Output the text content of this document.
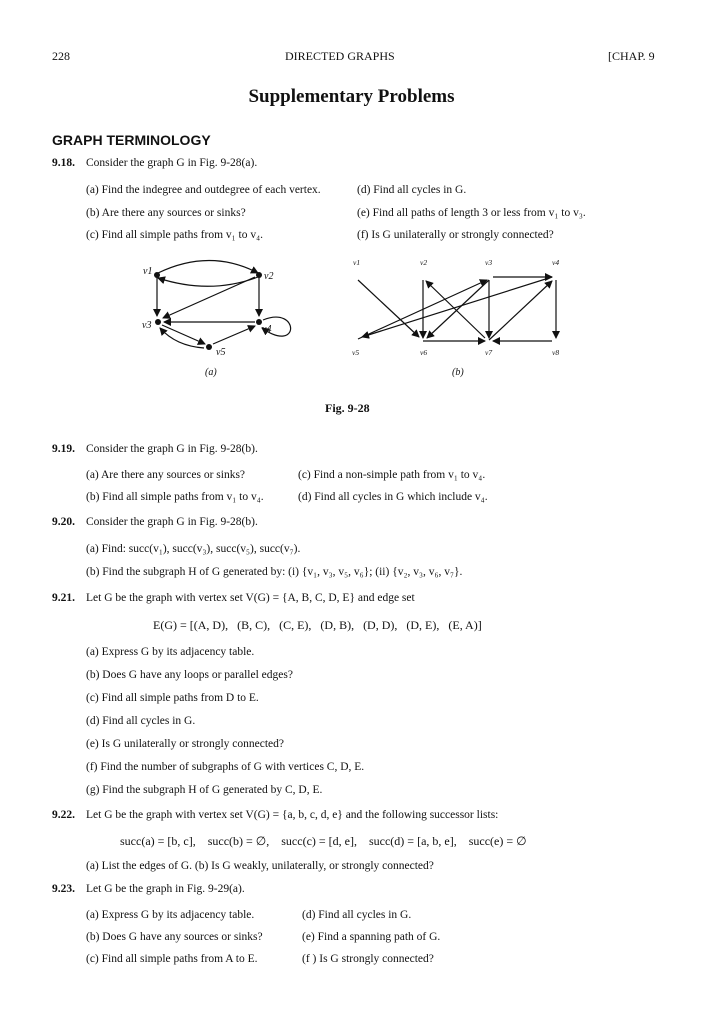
228	DIRECTED GRAPHS	[CHAP. 9
Supplementary Problems
GRAPH TERMINOLOGY
9.18. Consider the graph G in Fig. 9-28(a).
(a) Find the indegree and outdegree of each vertex.
(b) Are there any sources or sinks?
(c) Find all simple paths from v₁ to v₄.
(d) Find all cycles in G.
(e) Find all paths of length 3 or less from v₁ to v₃.
(f) Is G unilaterally or strongly connected?
v1	v2
v3	v4
v5
(a)
v1	v2	v3	v4
v5	v6	v7	v8
(b)
Fig. 9-28
9.19. Consider the graph G in Fig. 9-28(b).
(a) Are there any sources or sinks?
(b) Find all simple paths from v₁ to v₄.
(c) Find a non-simple path from v₁ to v₄.
(d) Find all cycles in G which include v₄.
9.20. Consider the graph G in Fig. 9-28(b).
(a) Find: succ(v₁), succ(v₃), succ(v₅), succ(v₇).
(b) Find the subgraph H of G generated by: (i) {v₁, v₃, v₅, v₆}; (ii) {v₂, v₃, v₆, v₇}.
9.21. Let G be the graph with vertex set V(G) = {A, B, C, D, E} and edge set
E(G) = [(A, D),   (B, C),   (C, E),   (D, B),   (D, D),   (D, E),   (E, A)]
(a) Express G by its adjacency table.
(b) Does G have any loops or parallel edges?
(c) Find all simple paths from D to E.
(d) Find all cycles in G.
(e) Is G unilaterally or strongly connected?
(f) Find the number of subgraphs of G with vertices C, D, E.
(g) Find the subgraph H of G generated by C, D, E.
9.22. Let G be the graph with vertex set V(G) = {a, b, c, d, e} and the following successor lists:
succ(a) = [b, c],    succ(b) = ∅,    succ(c) = [d, e],    succ(d) = [a, b, e],    succ(e) = ∅
(a) List the edges of G. (b) Is G weakly, unilaterally, or strongly connected?
9.23. Let G be the graph in Fig. 9-29(a).
(a) Express G by its adjacency table.
(b) Does G have any sources or sinks?
(c) Find all simple paths from A to E.
(d) Find all cycles in G.
(e) Find a spanning path of G.
(f ) Is G strongly connected?
